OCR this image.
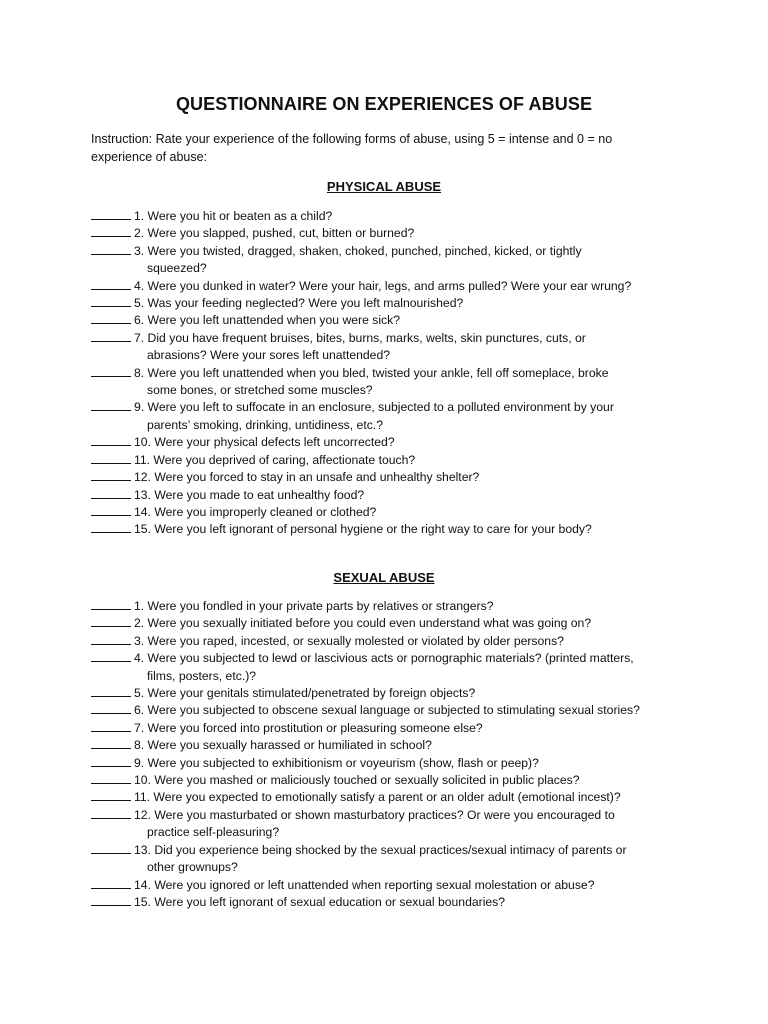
QUESTIONNAIRE ON EXPERIENCES OF ABUSE
Instruction: Rate your experience of the following forms of abuse, using 5 = intense and 0 = no
experience of abuse:
PHYSICAL ABUSE
1. Were you hit or beaten as a child?
2. Were you slapped, pushed, cut, bitten or burned?
3. Were you twisted, dragged, shaken, choked, punched, pinched, kicked, or tightly
squeezed?
4. Were you dunked in water? Were your hair, legs, and arms pulled? Were your ear wrung?
5. Was your feeding neglected? Were you left malnourished?
6. Were you left unattended when you were sick?
7. Did you have frequent bruises, bites, burns, marks, welts, skin punctures, cuts, or
abrasions? Were your sores left unattended?
8. Were you left unattended when you bled, twisted your ankle, fell off someplace, broke
some bones, or stretched some muscles?
9. Were you left to suffocate in an enclosure, subjected to a polluted environment by your
parents’ smoking, drinking, untidiness, etc.?
10. Were your physical defects left uncorrected?
11. Were you deprived of caring, affectionate touch?
12. Were you forced to stay in an unsafe and unhealthy shelter?
13. Were you made to eat unhealthy food?
14. Were you improperly cleaned or clothed?
15. Were you left ignorant of personal hygiene or the right way to care for your body?
SEXUAL ABUSE
1. Were you fondled in your private parts by relatives or strangers?
2. Were you sexually initiated before you could even understand what was going on?
3. Were you raped, incested, or sexually molested or violated by older persons?
4. Were you subjected to lewd or lascivious acts or pornographic materials? (printed matters,
films, posters, etc.)?
5. Were your genitals stimulated/penetrated by foreign objects?
6. Were you subjected to obscene sexual language or subjected to stimulating sexual stories?
7. Were you forced into prostitution or pleasuring someone else?
8. Were you sexually harassed or humiliated in school?
9. Were you subjected to exhibitionism or voyeurism (show, flash or peep)?
10. Were you mashed or maliciously touched or sexually solicited in public places?
11. Were you expected to emotionally satisfy a parent or an older adult (emotional incest)?
12. Were you masturbated or shown masturbatory practices? Or were you encouraged to
practice self-pleasuring?
13. Did you experience being shocked by the sexual practices/sexual intimacy of parents or
other grownups?
14. Were you ignored or left unattended when reporting sexual molestation or abuse?
15. Were you left ignorant of sexual education or sexual boundaries?
